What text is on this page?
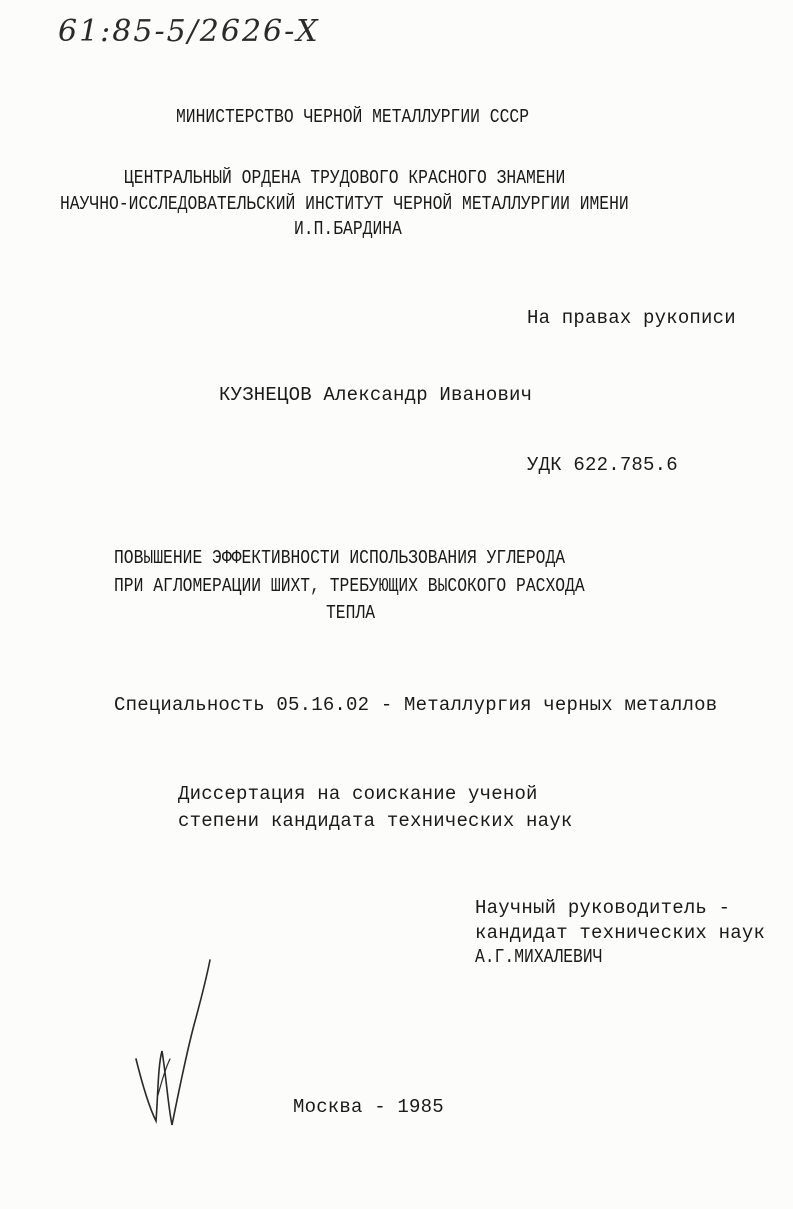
61:85-5/2626-Х
МИНИСТЕРСТВО ЧЕРНОЙ МЕТАЛЛУРГИИ СССР
ЦЕНТРАЛЬНЫЙ ОРДЕНА ТРУДОВОГО КРАСНОГО ЗНАМЕНИ
НАУЧНО-ИССЛЕДОВАТЕЛЬСКИЙ ИНСТИТУТ ЧЕРНОЙ МЕТАЛЛУРГИИ ИМЕНИ
И.П.БАРДИНА
На правах рукописи
КУЗНЕЦОВ Александр Иванович
УДК 622.785.6
ПОВЫШЕНИЕ ЭФФЕКТИВНОСТИ ИСПОЛЬЗОВАНИЯ УГЛЕРОДА
ПРИ АГЛОМЕРАЦИИ ШИХТ, ТРЕБУЮЩИХ ВЫСОКОГО РАСХОДА
ТЕПЛА
Специальность 05.16.02 - Металлургия черных металлов
Диссертация на соискание ученой
степени кандидата технических наук
Научный руководитель -
кандидат технических наук
А.Г.МИХАЛЕВИЧ
Москва - 1985
